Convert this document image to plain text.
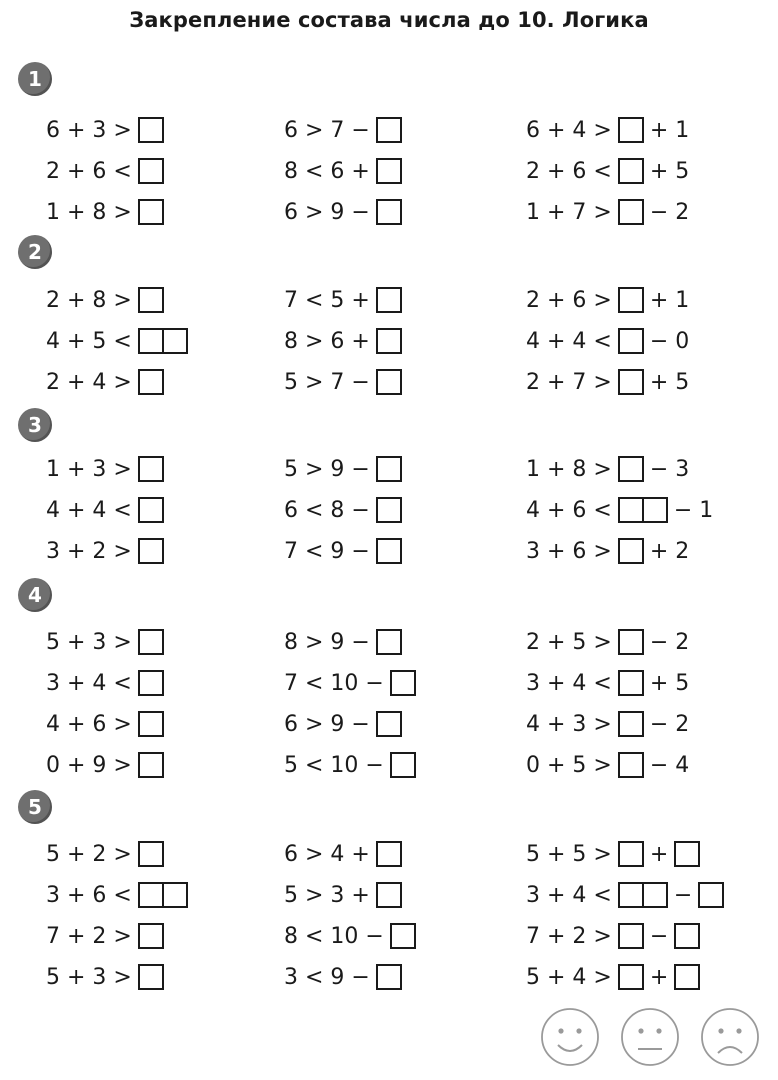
Закрепление состава числа до 10. Логика
1
6 + 3 >
2 + 6 <
1 + 8 >
6 > 7 −
8 < 6 +
6 > 9 −
6 + 4 > + 1
2 + 6 < + 5
1 + 7 > − 2
2
2 + 8 >
4 + 5 <
2 + 4 >
7 < 5 +
8 > 6 +
5 > 7 −
2 + 6 > + 1
4 + 4 < − 0
2 + 7 > + 5
3
1 + 3 >
4 + 4 <
3 + 2 >
5 > 9 −
6 < 8 −
7 < 9 −
1 + 8 > − 3
4 + 6 <	− 1
3 + 6 > + 2
4
5 + 3 >
3 + 4 <
4 + 6 >
0 + 9 >
8 > 9 −
7 < 10 −
6 > 9 −
5 < 10 −
2 + 5 > − 2
3 + 4 < + 5
4 + 3 > − 2
0 + 5 > − 4
5
5 + 2 >
3 + 6 <
7 + 2 >
5 + 3 >
6 > 4 +
5 > 3 +
8 < 10 −
3 < 9 −
5 + 5 > +
3 + 4 <	−
7 + 2 > −
5 + 4 > +
